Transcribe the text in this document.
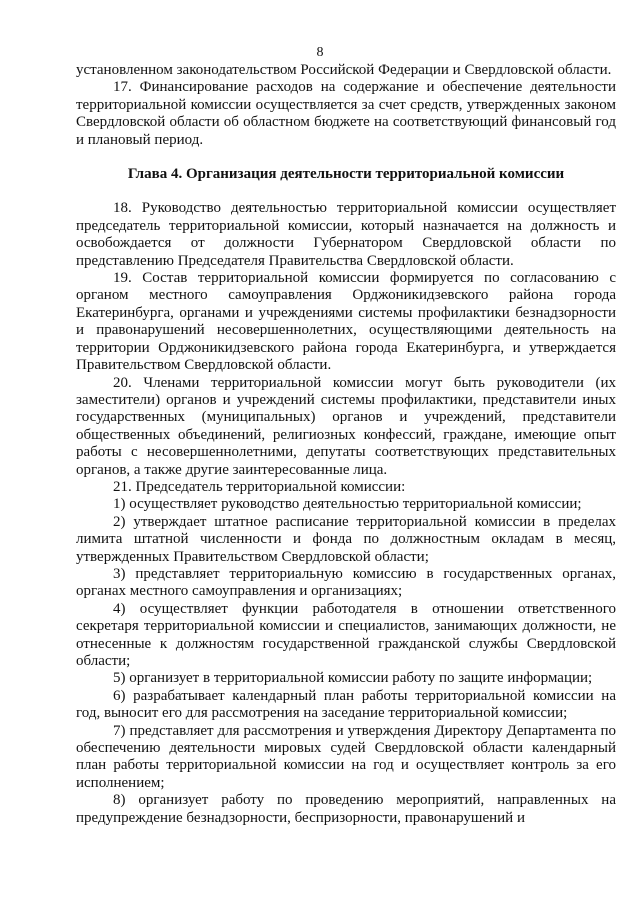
8

установленном законодательством Российской Федерации и Свердловской области.

17. Финансирование расходов на содержание и обеспечение деятельности территориальной комиссии осуществляется за счет средств, утвержденных законом Свердловской области об областном бюджете на соответствующий финансовый год и плановый период.

Глава 4. Организация деятельности территориальной комиссии

18. Руководство деятельностью территориальной комиссии осуществляет председатель территориальной комиссии, который назначается на должность и освобождается от должности Губернатором Свердловской области по представлению Председателя Правительства Свердловской области.

19. Состав территориальной комиссии формируется по согласованию с органом местного самоуправления Орджоникидзевского района города Екатеринбурга, органами и учреждениями системы профилактики безнадзорности и правонарушений несовершеннолетних, осуществляющими деятельность на территории Орджоникидзевского района города Екатеринбурга, и утверждается Правительством Свердловской области.

20. Членами территориальной комиссии могут быть руководители (их заместители) органов и учреждений системы профилактики, представители иных государственных (муниципальных) органов и учреждений, представители общественных объединений, религиозных конфессий, граждане, имеющие опыт работы с несовершеннолетними, депутаты соответствующих представительных органов, а также другие заинтересованные лица.

21. Председатель территориальной комиссии:

1) осуществляет руководство деятельностью территориальной комиссии;

2) утверждает штатное расписание территориальной комиссии в пределах лимита штатной численности и фонда по должностным окладам в месяц, утвержденных Правительством Свердловской области;

3) представляет территориальную комиссию в государственных органах, органах местного самоуправления и организациях;

4) осуществляет функции работодателя в отношении ответственного секретаря территориальной комиссии и специалистов, занимающих должности, не отнесенные к должностям государственной гражданской службы Свердловской области;

5) организует в территориальной комиссии работу по защите информации;

6) разрабатывает календарный план работы территориальной комиссии на год, выносит его для рассмотрения на заседание территориальной комиссии;

7) представляет для рассмотрения и утверждения Директору Департамента по обеспечению деятельности мировых судей Свердловской области календарный план работы территориальной комиссии на год и осуществляет контроль за его исполнением;

8) организует работу по проведению мероприятий, направленных на предупреждение безнадзорности, беспризорности, правонарушений и
